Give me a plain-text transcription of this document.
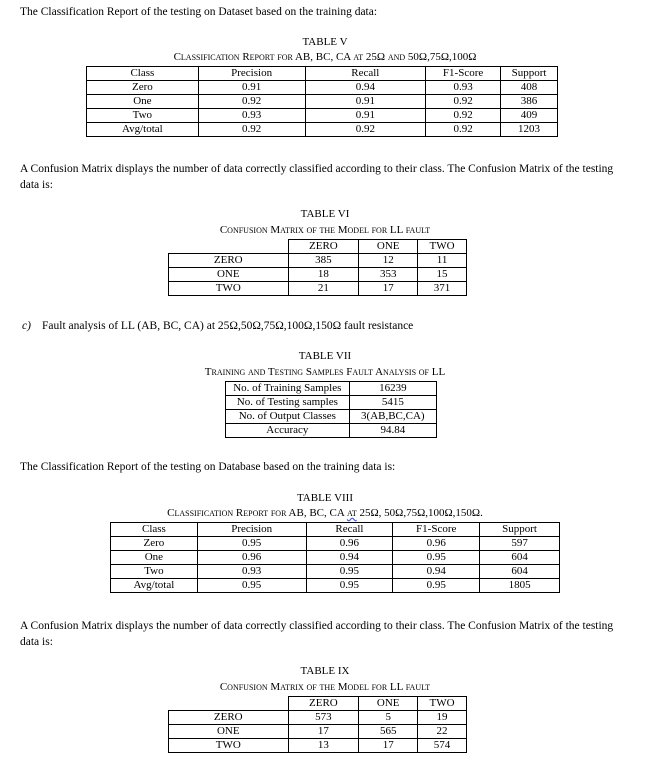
The Classification Report of the testing on Dataset based on the training data:
TABLE V
Classification Report for AB, BC, CA at 25Ω and 50Ω,75Ω,100Ω
Class	Precision	Recall	F1-Score	Support
Zero	0.91	0.94	0.93	408
One	0.92	0.91	0.92	386
Two	0.93	0.91	0.92	409
Avg/total	0.92	0.92	0.92	1203
A Confusion Matrix displays the number of data correctly classified according to their class. The Confusion Matrix of the testing data is:
TABLE VI
Confusion Matrix of the Model for LL fault
	ZERO	ONE	TWO
ZERO	385	12	11
ONE	18	353	15
TWO	21	17	371
c) Fault analysis of LL (AB, BC, CA) at 25Ω,50Ω,75Ω,100Ω,150Ω fault resistance
TABLE VII
Training and Testing Samples Fault Analysis of LL
No. of Training Samples	16239
No. of Testing samples	5415
No. of Output Classes	3(AB,BC,CA)
Accuracy	94.84
The Classification Report of the testing on Database based on the training data is:
TABLE VIII
Classification Report for AB, BC, CA at 25Ω, 50Ω,75Ω,100Ω,150Ω.
Class	Precision	Recall	F1-Score	Support
Zero	0.95	0.96	0.96	597
One	0.96	0.94	0.95	604
Two	0.93	0.95	0.94	604
Avg/total	0.95	0.95	0.95	1805
A Confusion Matrix displays the number of data correctly classified according to their class. The Confusion Matrix of the testing data is:
TABLE IX
Confusion Matrix of the Model for LL fault
	ZERO	ONE	TWO
ZERO	573	5	19
ONE	17	565	22
TWO	13	17	574
